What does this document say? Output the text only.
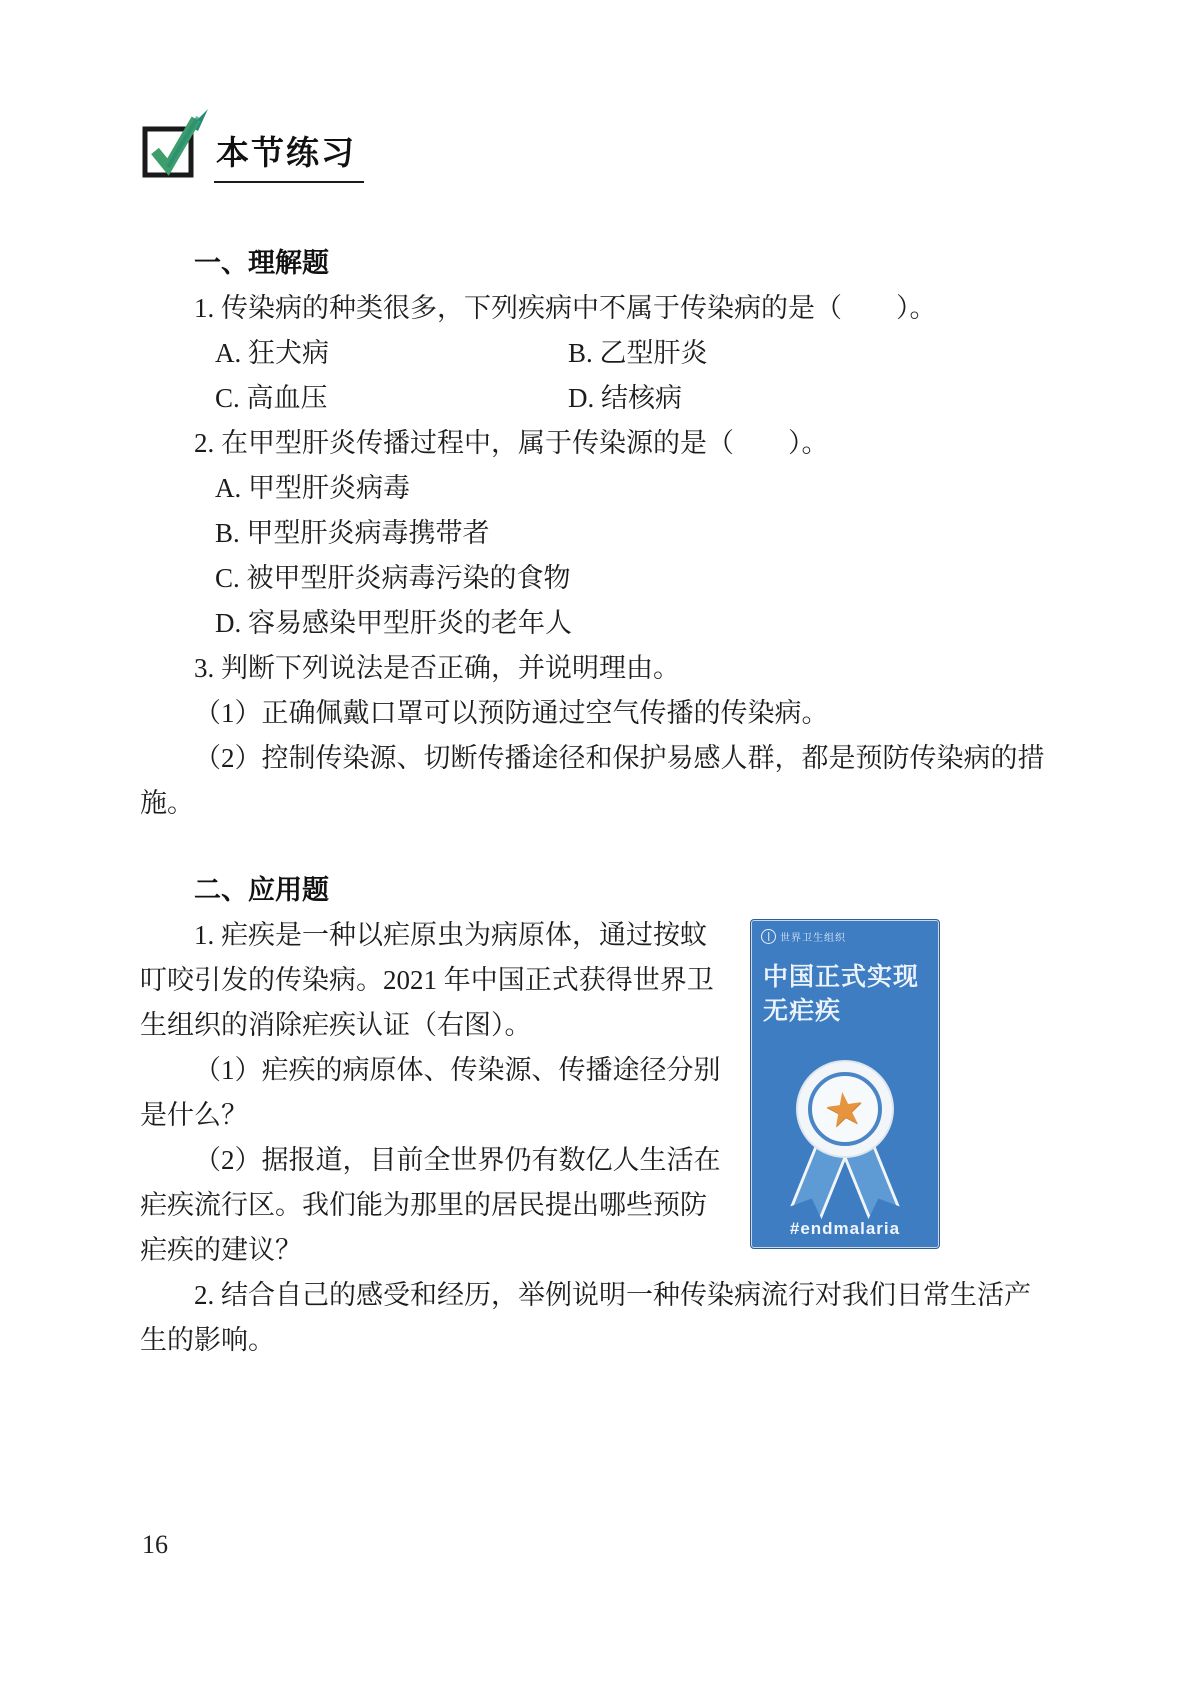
本节练习
一、理解题
1. 传染病的种类很多，下列疾病中不属于传染病的是（　　）。
A. 狂犬病	B. 乙型肝炎
C. 高血压	D. 结核病
2. 在甲型肝炎传播过程中，属于传染源的是（　　）。
A. 甲型肝炎病毒
B. 甲型肝炎病毒携带者
C. 被甲型肝炎病毒污染的食物
D. 容易感染甲型肝炎的老年人
3. 判断下列说法是否正确，并说明理由。
（1）正确佩戴口罩可以预防通过空气传播的传染病。
（2）控制传染源、切断传播途径和保护易感人群，都是预防传染病的措施。
二、应用题
世界卫生组织
中国正式实现
无疟疾
★
#endmalaria
1. 疟疾是一种以疟原虫为病原体，通过按蚊叮咬引发的传染病。2021 年中国正式获得世界卫生组织的消除疟疾认证（右图）。
（1）疟疾的病原体、传染源、传播途径分别是什么？
（2）据报道，目前全世界仍有数亿人生活在疟疾流行区。我们能为那里的居民提出哪些预防疟疾的建议？
2. 结合自己的感受和经历，举例说明一种传染病流行对我们日常生活产生的影响。
16
